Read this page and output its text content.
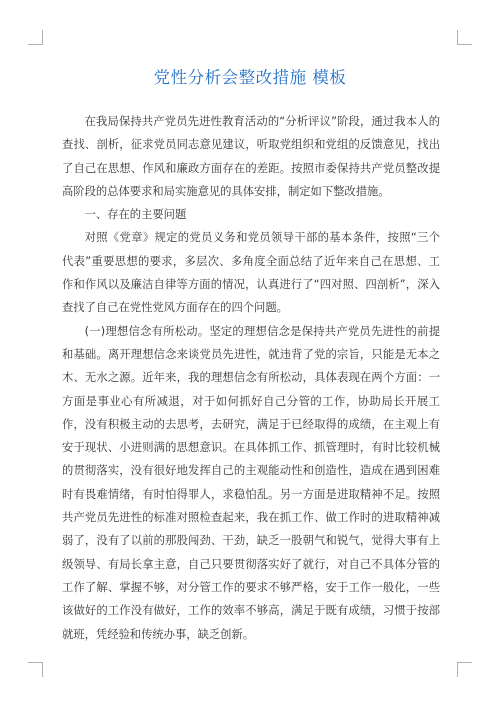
党性分析会整改措施 模板

在我局保持共产党员先进性教育活动的“分析评议”阶段，通过我本人的查找、剖析，征求党员同志意见建议，听取党组织和党组的反馈意见，找出了自己在思想、作风和廉政方面存在的差距。按照市委保持共产党员整改提高阶段的总体要求和局实施意见的具体安排，制定如下整改措施。

一、存在的主要问题

对照《党章》规定的党员义务和党员领导干部的基本条件，按照“三个代表”重要思想的要求，多层次、多角度全面总结了近年来自己在思想、工作和作风以及廉洁自律等方面的情况，认真进行了“四对照、四剖析”，深入查找了自己在党性党风方面存在的四个问题。

(一)理想信念有所松动。坚定的理想信念是保持共产党员先进性的前提和基础。离开理想信念来谈党员先进性，就违背了党的宗旨，只能是无本之木、无水之源。近年来，我的理想信念有所松动，具体表现在两个方面：一方面是事业心有所减退，对于如何抓好自己分管的工作，协助局长开展工作，没有积极主动的去思考，去研究，满足于已经取得的成绩，在主观上有安于现状、小进则满的思想意识。在具体抓工作、抓管理时，有时比较机械的贯彻落实，没有很好地发挥自己的主观能动性和创造性，造成在遇到困难时有畏难情绪，有时怕得罪人，求稳怕乱。另一方面是进取精神不足。按照共产党员先进性的标准对照检查起来，我在抓工作、做工作时的进取精神减弱了，没有了以前的那股闯劲、干劲，缺乏一股朝气和锐气，觉得大事有上级领导、有局长拿主意，自己只要贯彻落实好了就行，对自己不具体分管的工作了解、掌握不够，对分管工作的要求不够严格，安于工作一般化，一些该做好的工作没有做好，工作的效率不够高，满足于既有成绩，习惯于按部就班，凭经验和传统办事，缺乏创新。
